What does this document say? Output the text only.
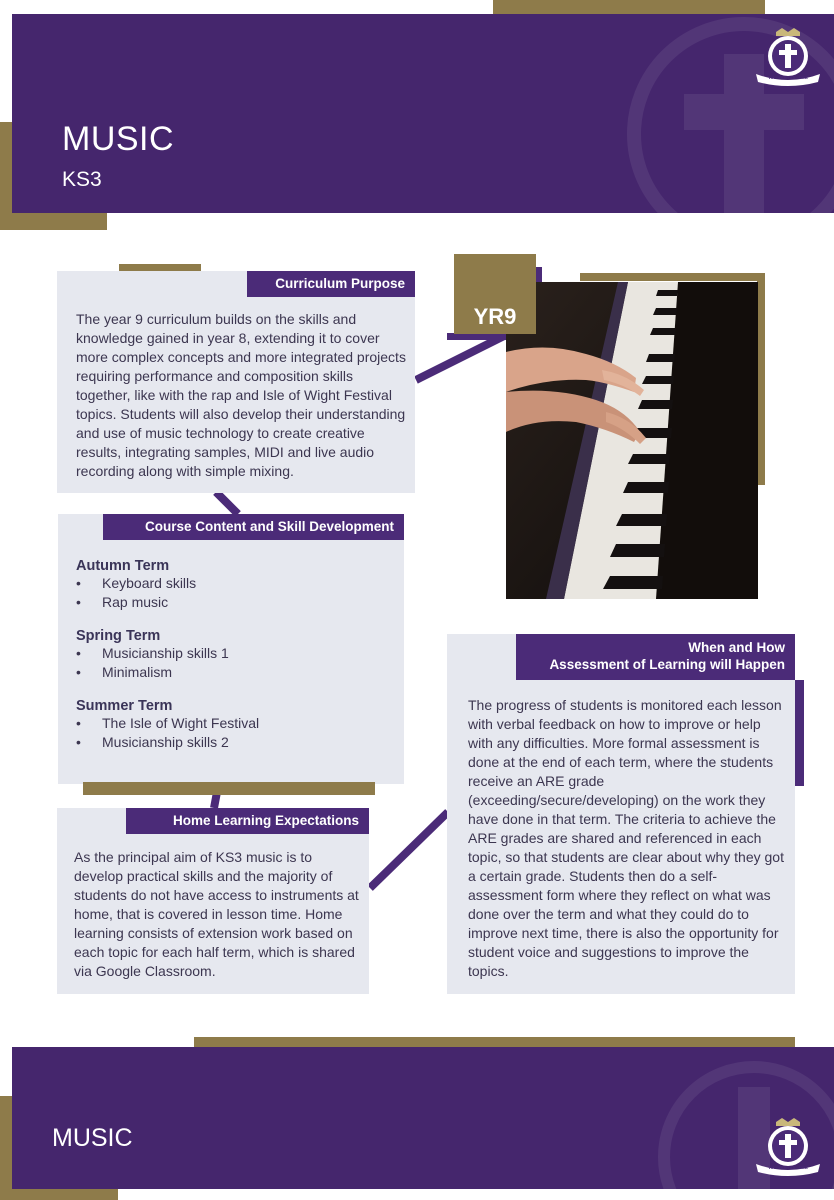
MUSIC
KS3
VIA · VERITAS · VITA
Curriculum Purpose
The year 9 curriculum builds on the skills and knowledge gained in year 8, extending it to cover more complex concepts and more integrated projects requiring performance and composition skills together, like with the rap and Isle of Wight Festival topics. Students will also develop their understanding and use of music technology to create creative results, integrating samples, MIDI and live audio recording along with simple mixing.
YR9
Course Content and Skill Development
Autumn Term
• Keyboard skills
• Rap music
Spring Term
• Musicianship skills 1
• Minimalism
Summer Term
• The Isle of Wight Festival
• Musicianship skills 2
Home Learning Expectations
As the principal aim of KS3 music is to develop practical skills and the majority of students do not have access to instruments at home, that is covered in lesson time. Home learning consists of extension work based on each topic for each half term, which is shared via Google Classroom.
When and How
Assessment of Learning will Happen
The progress of students is monitored each lesson with verbal feedback on how to improve or help with any difficulties. More formal assessment is done at the end of each term, where the students receive an ARE grade (exceeding/secure/developing) on the work they have done in that term. The criteria to achieve the ARE grades are shared and referenced in each topic, so that students are clear about why they got a certain grade. Students then do a self-assessment form where they reflect on what was done over the term and what they could do to improve next time, there is also the opportunity for student voice and suggestions to improve the topics.
MUSIC
VIA · VERITAS · VITA
